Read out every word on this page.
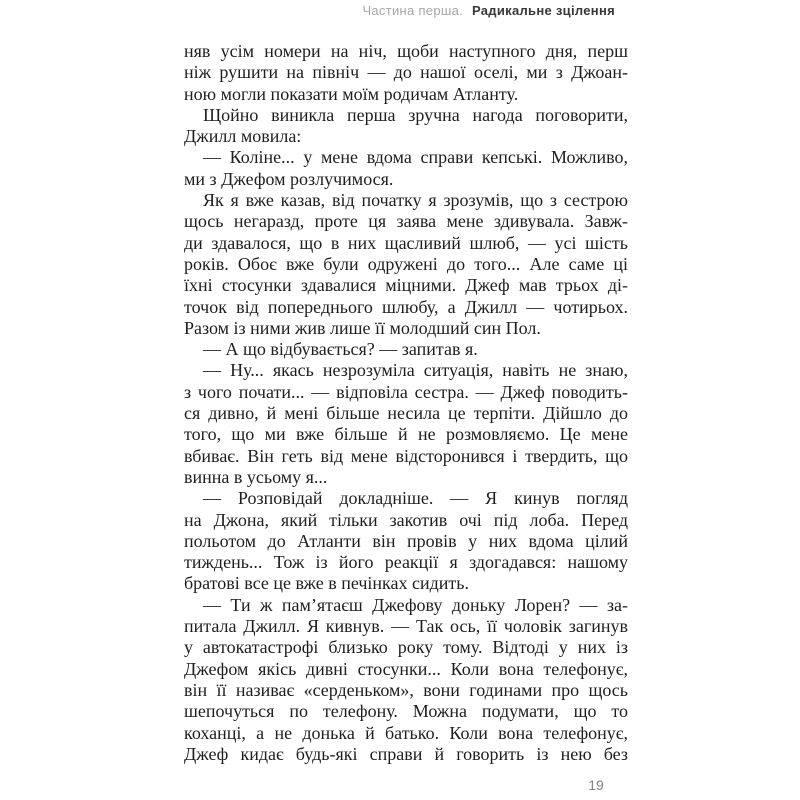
Частина перша. Радикальне зцілення
няв усім номери на ніч, щоби наступного дня, перш
ніж рушити на північ — до нашої оселі, ми з Джоан-
ною могли показати моїм родичам Атланту.
Щойно виникла перша зручна нагода поговорити,
Джилл мовила:
— Коліне... у мене вдома справи кепські. Можливо,
ми з Джефом розлучимося.
Як я вже казав, від початку я зрозумів, що з сестрою
щось негаразд, проте ця заява мене здивувала. Завж-
ди здавалося, що в них щасливий шлюб, — усі шість
років. Обоє вже були одружені до того... Але саме ці
їхні стосунки здавалися міцними. Джеф мав трьох ді-
точок від попереднього шлюбу, а Джилл — чотирьох.
Разом із ними жив лише її молодший син Пол.
— А що відбувається? — запитав я.
— Ну... якась незрозуміла ситуація, навіть не знаю,
з чого почати... — відповіла сестра. — Джеф поводить-
ся дивно, й мені більше несила це терпіти. Дійшло до
того, що ми вже більше й не розмовляємо. Це мене
вбиває. Він геть від мене відсторонився і твердить, що
винна в усьому я...
— Розповідай докладніше. — Я кинув погляд
на Джона, який тільки закотив очі під лоба. Перед
польотом до Атланти він провів у них вдома цілий
тиждень... Тож із його реакції я здогадався: нашому
братові все це вже в печінках сидить.
— Ти ж пам’ятаєш Джефову доньку Лорен? — за-
питала Джилл. Я кивнув. — Так ось, її чоловік загинув
у автокатастрофі близько року тому. Відтоді у них із
Джефом якісь дивні стосунки... Коли вона телефонує,
він її називає «серденьком», вони годинами про щось
шепочуться по телефону. Можна подумати, що то
коханці, а не донька й батько. Коли вона телефонує,
Джеф кидає будь-які справи й говорить із нею без
19
